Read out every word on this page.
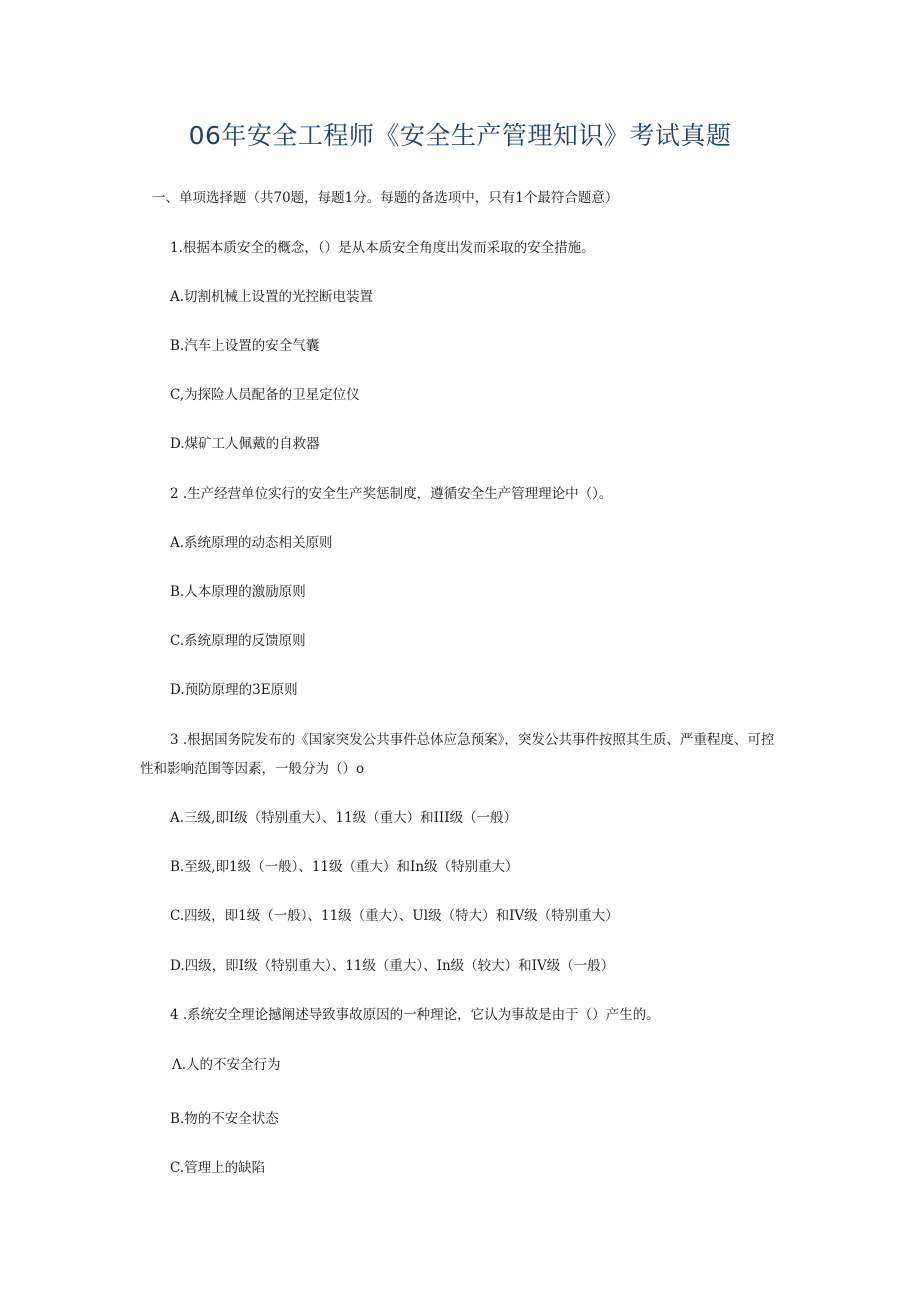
06年安全工程师《安全生产管理知识》考试真题
一、单项选择题（共70题，每题1分。每题的备选项中，只有1个最符合题意）
1.根据本质安全的概念，（）是从本质安全角度出发而采取的安全措施。
A.切割机械上设置的光控断电装置
B.汽车上设置的安全气囊
C,为探险人员配备的卫星定位仪
D.煤矿工人佩戴的自救器
2 .生产经营单位实行的安全生产奖惩制度，遵循安全生产管理理论中（）。
A.系统原理的动态相关原则
B.人本原理的激励原则
C.系统原理的反馈原则
D.预防原理的3E原则
3 .根据国务院发布的《国家突发公共事件总体应急预案》，突发公共事件按照其生质、严重程度、可控性和影响范围等因素，一般分为（）o
A.三级,即I级（特别重大）、11级（重大）和III级（一般）
B.至级,即1级（一般）、11级（重大）和In级（特别重大）
C.四级，即1级（一般）、11级（重大）、Ul级（特大）和IV级（特别重大）
D.四级，即I级（特别重大）、11级（重大）、In级（较大）和IV级（一般）
4 .系统安全理论撼阐述导致事故原因的一种理论，它认为事故是由于（）产生的。
Λ.人的不安全行为
B.物的不安全状态
C.管理上的缺陷
